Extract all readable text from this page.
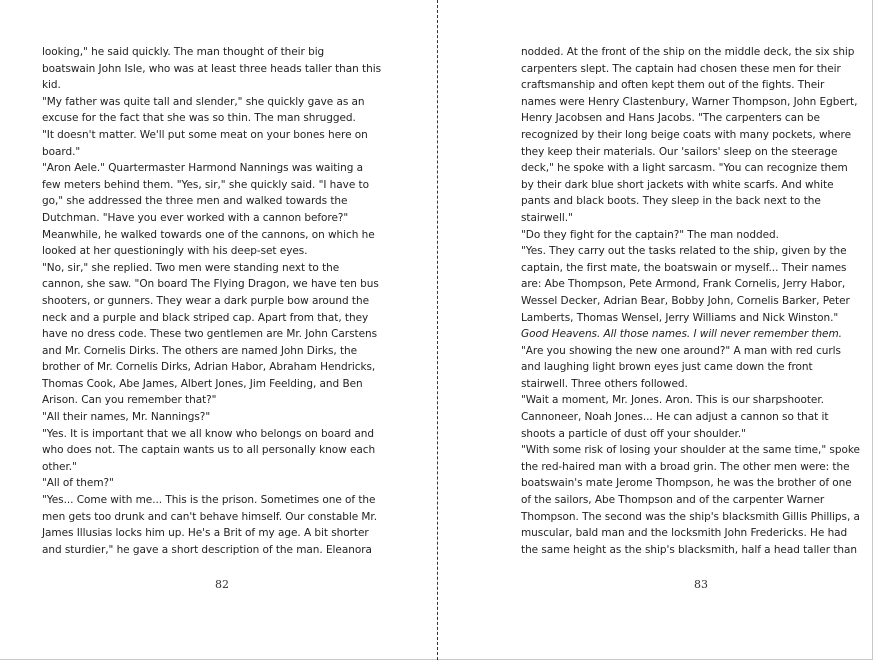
looking," he said quickly. The man thought of their big
boatswain John Isle, who was at least three heads taller than this
kid.
"My father was quite tall and slender," she quickly gave as an
excuse for the fact that she was so thin. The man shrugged.
"It doesn't matter. We'll put some meat on your bones here on
board."
"Aron Aele." Quartermaster Harmond Nannings was waiting a
few meters behind them. "Yes, sir," she quickly said. "I have to
go," she addressed the three men and walked towards the
Dutchman. "Have you ever worked with a cannon before?"
Meanwhile, he walked towards one of the cannons, on which he
looked at her questioningly with his deep-set eyes.
"No, sir," she replied. Two men were standing next to the
cannon, she saw. "On board The Flying Dragon, we have ten bus
shooters, or gunners. They wear a dark purple bow around the
neck and a purple and black striped cap. Apart from that, they
have no dress code. These two gentlemen are Mr. John Carstens
and Mr. Cornelis Dirks. The others are named John Dirks, the
brother of Mr. Cornelis Dirks, Adrian Habor, Abraham Hendricks,
Thomas Cook, Abe James, Albert Jones, Jim Feelding, and Ben
Arison. Can you remember that?"
"All their names, Mr. Nannings?"
"Yes. It is important that we all know who belongs on board and
who does not. The captain wants us to all personally know each
other."
"All of them?"
"Yes... Come with me... This is the prison. Sometimes one of the
men gets too drunk and can't behave himself. Our constable Mr.
James Illusias locks him up. He's a Brit of my age. A bit shorter
and sturdier," he gave a short description of the man. Eleanora
82
nodded. At the front of the ship on the middle deck, the six ship
carpenters slept. The captain had chosen these men for their
craftsmanship and often kept them out of the fights. Their
names were Henry Clastenbury, Warner Thompson, John Egbert,
Henry Jacobsen and Hans Jacobs. "The carpenters can be
recognized by their long beige coats with many pockets, where
they keep their materials. Our 'sailors' sleep on the steerage
deck," he spoke with a light sarcasm. "You can recognize them
by their dark blue short jackets with white scarfs. And white
pants and black boots. They sleep in the back next to the
stairwell."
"Do they fight for the captain?" The man nodded.
"Yes. They carry out the tasks related to the ship, given by the
captain, the first mate, the boatswain or myself... Their names
are: Abe Thompson, Pete Armond, Frank Cornelis, Jerry Habor,
Wessel Decker, Adrian Bear, Bobby John, Cornelis Barker, Peter
Lamberts, Thomas Wensel, Jerry Williams and Nick Winston."
Good Heavens. All those names. I will never remember them.
"Are you showing the new one around?" A man with red curls
and laughing light brown eyes just came down the front
stairwell. Three others followed.
"Wait a moment, Mr. Jones. Aron. This is our sharpshooter.
Cannoneer, Noah Jones... He can adjust a cannon so that it
shoots a particle of dust off your shoulder."
"With some risk of losing your shoulder at the same time," spoke
the red-haired man with a broad grin. The other men were: the
boatswain's mate Jerome Thompson, he was the brother of one
of the sailors, Abe Thompson and of the carpenter Warner
Thompson. The second was the ship's blacksmith Gillis Phillips, a
muscular, bald man and the locksmith John Fredericks. He had
the same height as the ship's blacksmith, half a head taller than
83
